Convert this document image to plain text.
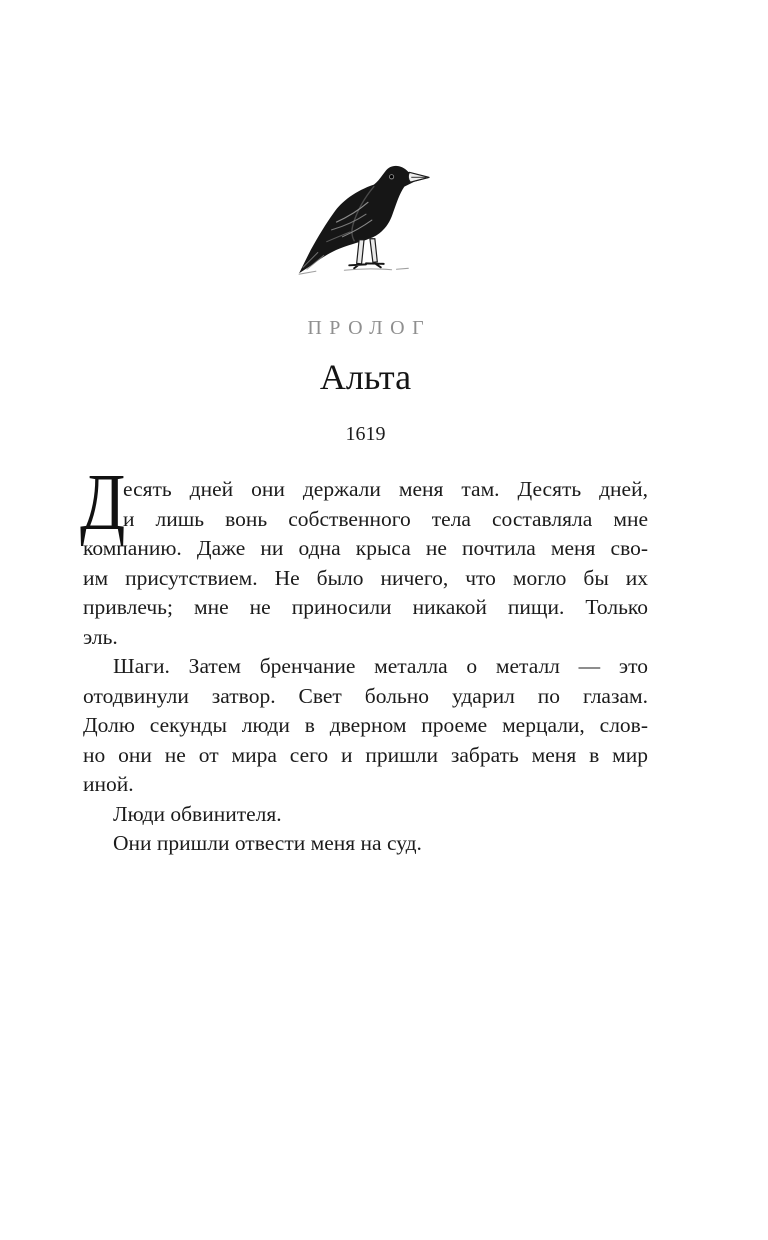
ПРОЛОГ
Альта
1619
Д
есять дней они держали меня там. Десять дней,
и лишь вонь собственного тела составляла мне
компанию. Даже ни одна крыса не почтила меня сво-
им присутствием. Не было ничего, что могло бы их
привлечь; мне не приносили никакой пищи. Только
эль.
Шаги. Затем бренчание металла о металл — это
отодвинули затвор. Свет больно ударил по глазам.
Долю секунды люди в дверном проеме мерцали, слов-
но они не от мира сего и пришли забрать меня в мир
иной.
Люди обвинителя.
Они пришли отвести меня на суд.
